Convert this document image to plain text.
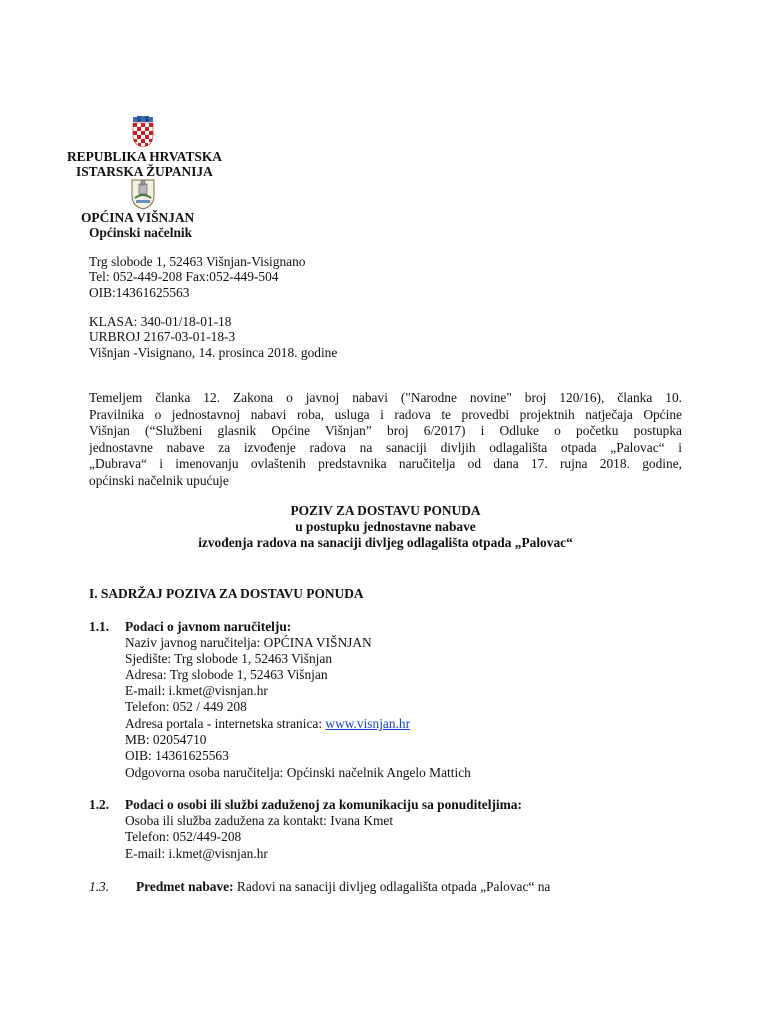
REPUBLIKA HRVATSKA
ISTARSKA ŽUPANIJA
OPĆINA VIŠNJAN
Općinski načelnik
Trg slobode 1, 52463 Višnjan-Visignano
Tel: 052-449-208 Fax:052-449-504
OIB:14361625563
KLASA: 340-01/18-01-18
URBROJ 2167-03-01-18-3
Višnjan -Visignano, 14. prosinca 2018. godine
Temeljem članka 12. Zakona o javnoj nabavi ("Narodne novine" broj 120/16), članka 10.
Pravilnika o jednostavnoj nabavi roba, usluga i radova te provedbi projektnih natječaja Općine
Višnjan (“Službeni glasnik Općine Višnjan” broj 6/2017) i Odluke o početku postupka
jednostavne nabave za izvođenje radova na sanaciji divljih odlagališta otpada „Palovac“ i
„Dubrava“ i imenovanju ovlaštenih predstavnika naručitelja od dana 17. rujna 2018. godine,
općinski načelnik upućuje
POZIV ZA DOSTAVU PONUDA
u postupku jednostavne nabave
izvođenja radova na sanaciji divljeg odlagališta otpada „Palovac“
I. SADRŽAJ POZIVA ZA DOSTAVU PONUDA
1.1. Podaci o javnom naručitelju:
Naziv javnog naručitelja: OPĆINA VIŠNJAN
Sjedište: Trg slobode 1, 52463 Višnjan
Adresa: Trg slobode 1, 52463 Višnjan
E-mail: i.kmet@visnjan.hr
Telefon: 052 / 449 208
Adresa portala - internetska stranica: www.visnjan.hr
MB: 02054710
OIB: 14361625563
Odgovorna osoba naručitelja: Općinski načelnik Angelo Mattich
1.2. Podaci o osobi ili službi zaduženoj za komunikaciju sa ponuditeljima:
Osoba ili služba zadužena za kontakt: Ivana Kmet
Telefon: 052/449-208
E-mail: i.kmet@visnjan.hr
1.3. Predmet nabave: Radovi na sanaciji divljeg odlagališta otpada „Palovac“ na
